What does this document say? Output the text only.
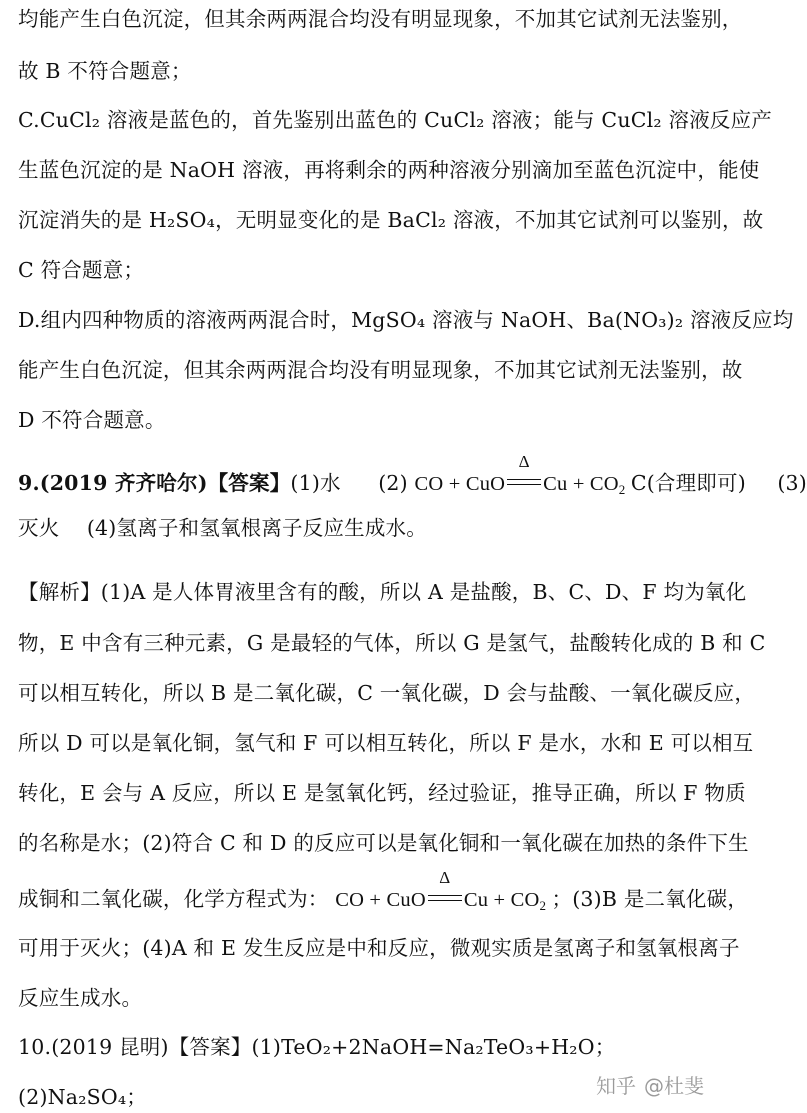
均能产生白色沉淀，但其余两两混合均没有明显现象，不加其它试剂无法鉴别，
故 B 不符合题意；
C.CuCl₂ 溶液是蓝色的，首先鉴别出蓝色的 CuCl₂ 溶液；能与 CuCl₂ 溶液反应产
生蓝色沉淀的是 NaOH 溶液，再将剩余的两种溶液分别滴加至蓝色沉淀中，能使
沉淀消失的是 H₂SO₄，无明显变化的是 BaCl₂ 溶液，不加其它试剂可以鉴别，故
C 符合题意；
D.组内四种物质的溶液两两混合时，MgSO₄ 溶液与 NaOH、Ba(NO₃)₂ 溶液反应均
能产生白色沉淀，但其余两两混合均没有明显现象，不加其它试剂无法鉴别，故
D 不符合题意。
9.(2019 齐齐哈尔)【答案】(1)水 (2) CO + CuO
Δ
$Cu + CO_2$ C(合理即可) (3)
灭火　 (4)氢离子和氢氧根离子反应生成水。
【解析】(1)A 是人体胃液里含有的酸，所以 A 是盐酸，B、C、D、F 均为氧化
物，E 中含有三种元素，G 是最轻的气体，所以 G 是氢气，盐酸转化成的 B 和 C
可以相互转化，所以 B 是二氧化碳，C 一氧化碳，D 会与盐酸、一氧化碳反应，
所以 D 可以是氧化铜，氢气和 F 可以相互转化，所以 F 是水，水和 E 可以相互
转化，E 会与 A 反应，所以 E 是氢氧化钙，经过验证，推导正确，所以 F 物质
的名称是水；(2)符合 C 和 D 的反应可以是氧化铜和一氧化碳在加热的条件下生
成铜和二氧化碳，化学方程式为： CO + CuO
Δ
$Cu + CO_2$ ；(3)B 是二氧化碳，
可用于灭火；(4)A 和 E 发生反应是中和反应，微观实质是氢离子和氢氧根离子
反应生成水。
10.(2019 昆明)【答案】(1)TeO₂+2NaOH=Na₂TeO₃+H₂O；
(2)Na₂SO₄；	知乎 @杜斐
